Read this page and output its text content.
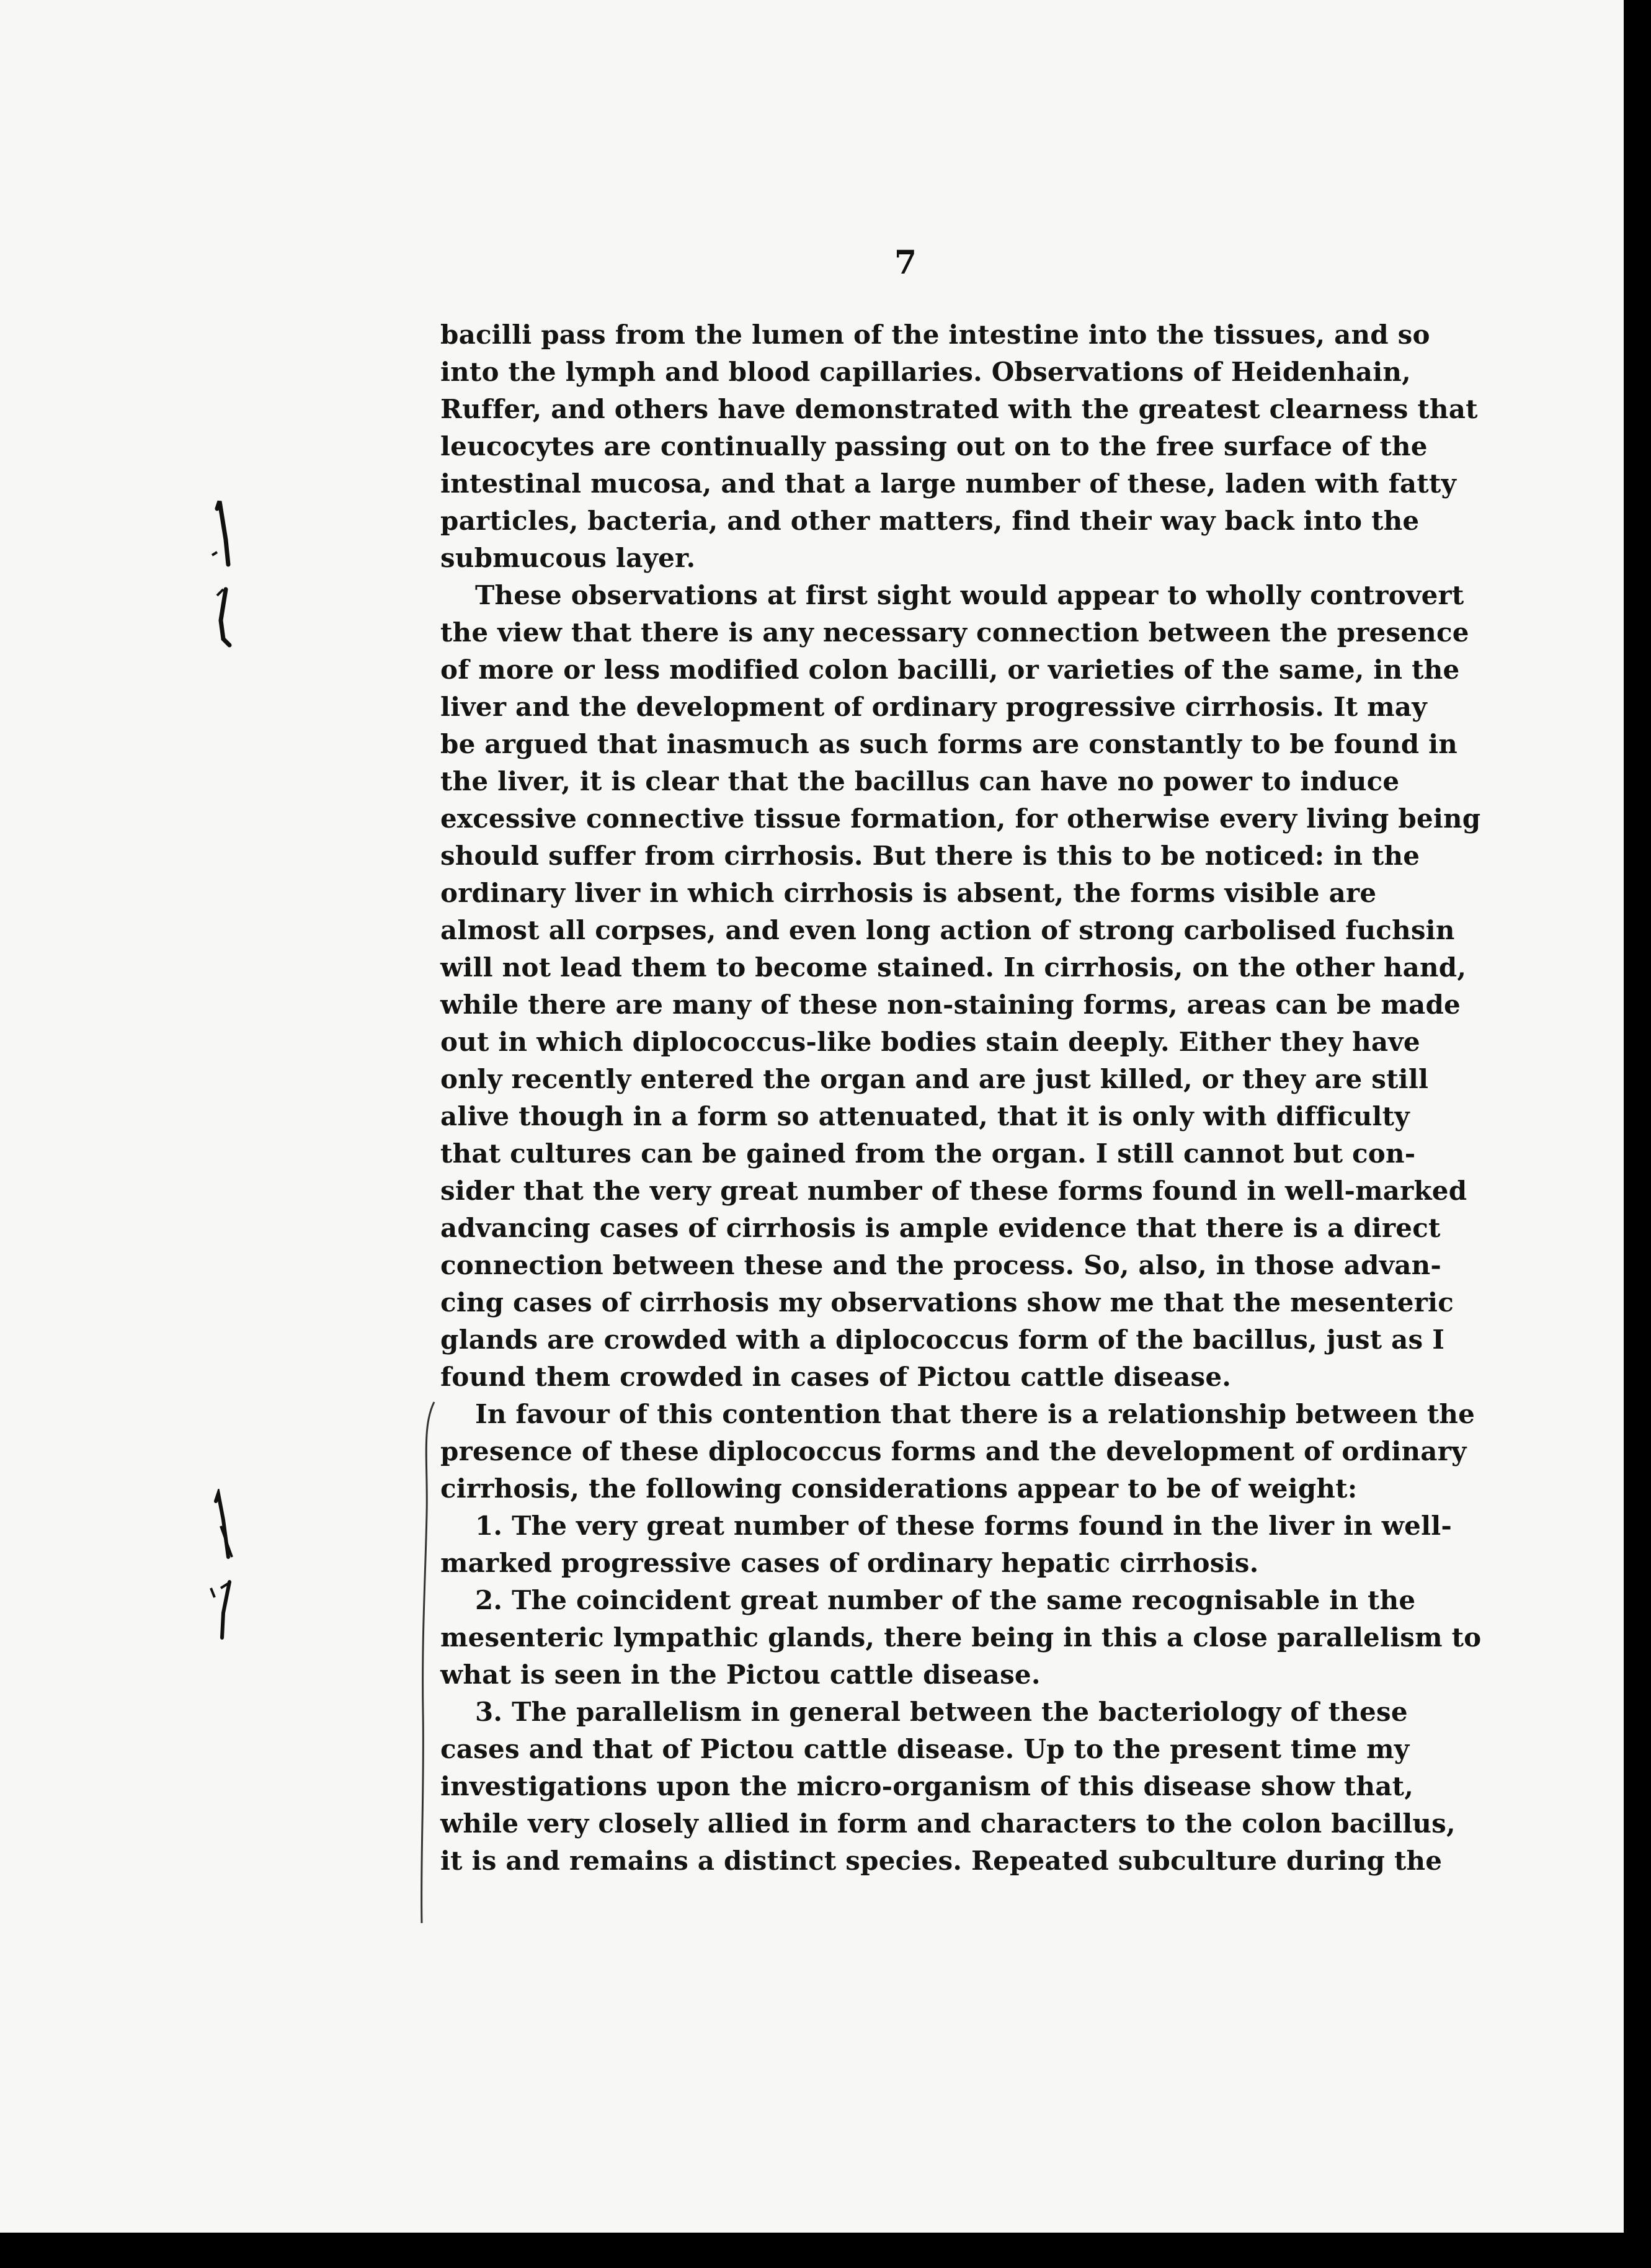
7
bacilli pass from the lumen of the intestine into the tissues, and so
into the lymph and blood capillaries. Observations of Heidenhain,
Ruffer, and others have demonstrated with the greatest clearness that
leucocytes are continually passing out on to the free surface of the
intestinal mucosa, and that a large number of these, laden with fatty
particles, bacteria, and other matters, find their way back into the
submucous layer.
These observations at first sight would appear to wholly controvert
the view that there is any necessary connection between the presence
of more or less modified colon bacilli, or varieties of the same, in the
liver and the development of ordinary progressive cirrhosis. It may
be argued that inasmuch as such forms are constantly to be found in
the liver, it is clear that the bacillus can have no power to induce
excessive connective tissue formation, for otherwise every living being
should suffer from cirrhosis. But there is this to be noticed: in the
ordinary liver in which cirrhosis is absent, the forms visible are
almost all corpses, and even long action of strong carbolised fuchsin
will not lead them to become stained. In cirrhosis, on the other hand,
while there are many of these non-staining forms, areas can be made
out in which diplococcus-like bodies stain deeply. Either they have
only recently entered the organ and are just killed, or they are still
alive though in a form so attenuated, that it is only with difficulty
that cultures can be gained from the organ. I still cannot but con-
sider that the very great number of these forms found in well-marked
advancing cases of cirrhosis is ample evidence that there is a direct
connection between these and the process. So, also, in those advan-
cing cases of cirrhosis my observations show me that the mesenteric
glands are crowded with a diplococcus form of the bacillus, just as I
found them crowded in cases of Pictou cattle disease.
In favour of this contention that there is a relationship between the
presence of these diplococcus forms and the development of ordinary
cirrhosis, the following considerations appear to be of weight:
1. The very great number of these forms found in the liver in well-
marked progressive cases of ordinary hepatic cirrhosis.
2. The coincident great number of the same recognisable in the
mesenteric lympathic glands, there being in this a close parallelism to
what is seen in the Pictou cattle disease.
3. The parallelism in general between the bacteriology of these
cases and that of Pictou cattle disease. Up to the present time my
investigations upon the micro-organism of this disease show that,
while very closely allied in form and characters to the colon bacillus,
it is and remains a distinct species. Repeated subculture during the
